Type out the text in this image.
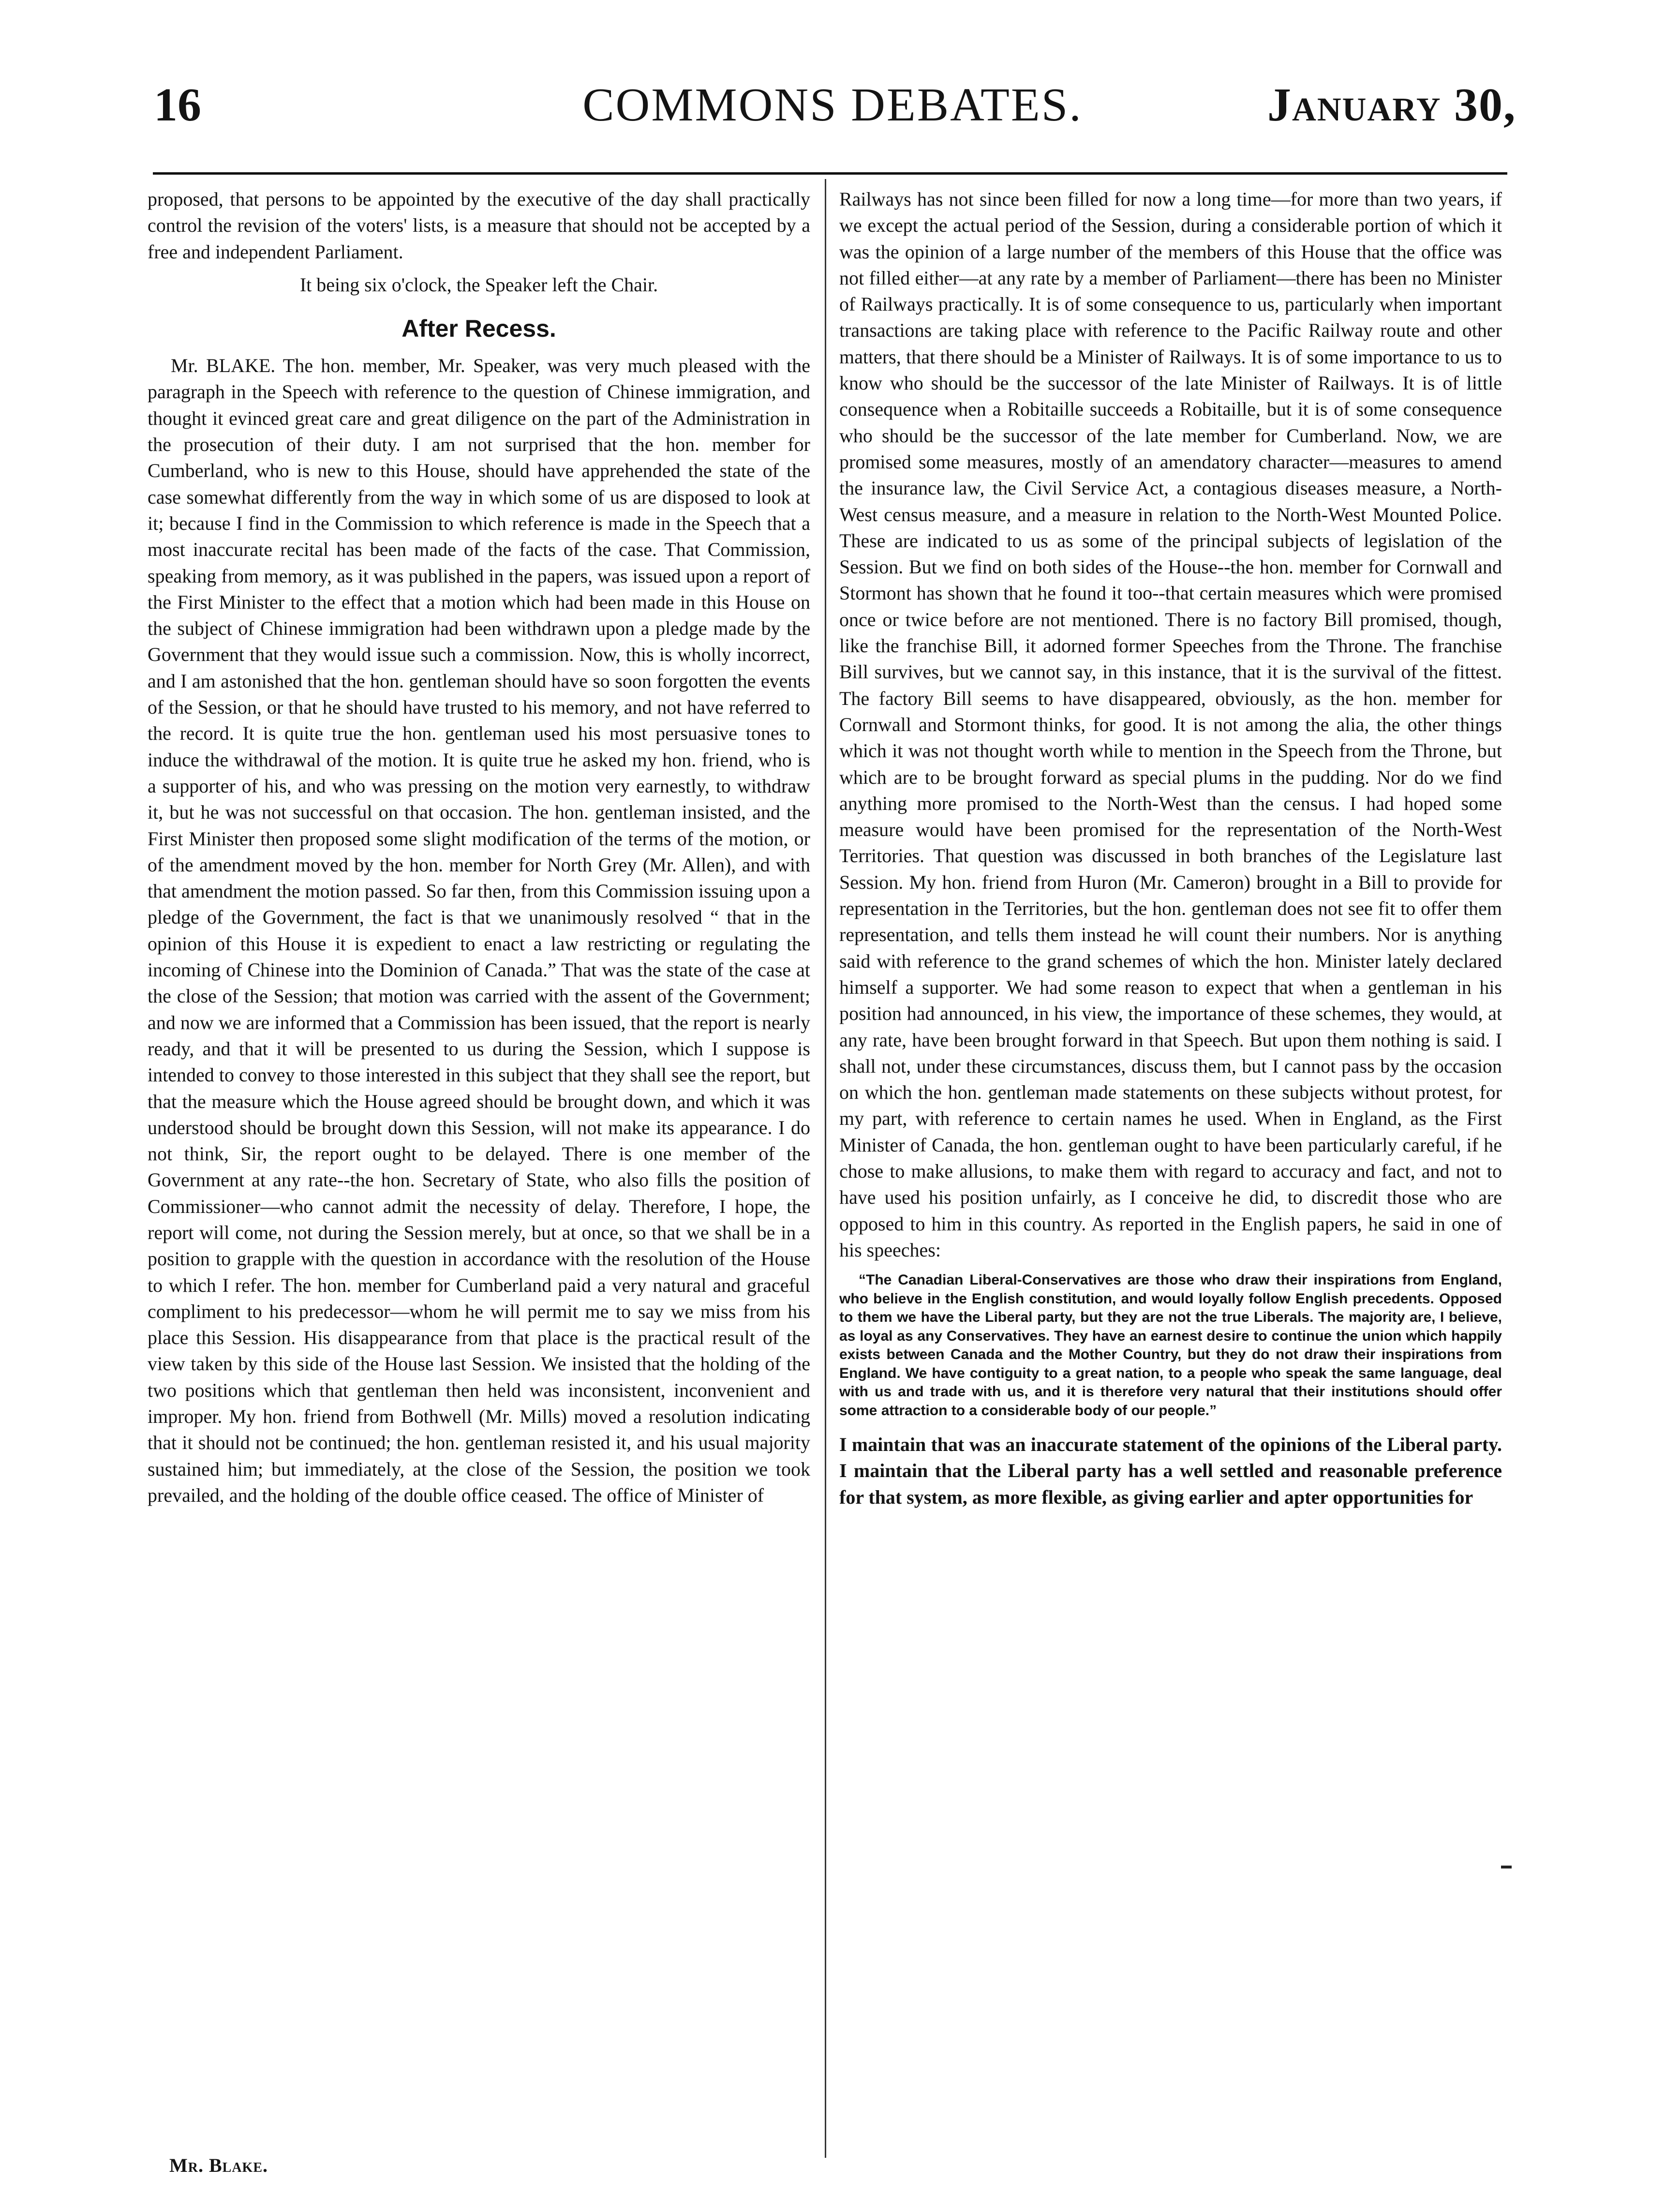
16	COMMONS DEBATES.	January 30,

proposed, that persons to be appointed by the executive of the day shall practically control the revision of the voters' lists, is a measure that should not be accepted by a free and independent Parliament.

It being six o'clock, the Speaker left the Chair.

After Recess.

Mr. BLAKE. The hon. member, Mr. Speaker, was very much pleased with the paragraph in the Speech with reference to the question of Chinese immigration, and thought it evinced great care and great diligence on the part of the Administration in the prosecution of their duty. I am not surprised that the hon. member for Cumberland, who is new to this House, should have apprehended the state of the case somewhat differently from the way in which some of us are disposed to look at it; because I find in the Commission to which reference is made in the Speech that a most inaccurate recital has been made of the facts of the case. That Commission, speaking from memory, as it was published in the papers, was issued upon a report of the First Minister to the effect that a motion which had been made in this House on the subject of Chinese immigration had been withdrawn upon a pledge made by the Government that they would issue such a commission. Now, this is wholly incorrect, and I am astonished that the hon. gentleman should have so soon forgotten the events of the Session, or that he should have trusted to his memory, and not have referred to the record. It is quite true the hon. gentleman used his most persuasive tones to induce the withdrawal of the motion. It is quite true he asked my hon. friend, who is a supporter of his, and who was pressing on the motion very earnestly, to withdraw it, but he was not successful on that occasion. The hon. gentleman insisted, and the First Minister then proposed some slight modification of the terms of the motion, or of the amendment moved by the hon. member for North Grey (Mr. Allen), and with that amendment the motion passed. So far then, from this Commission issuing upon a pledge of the Government, the fact is that we unanimously resolved “ that in the opinion of this House it is expedient to enact a law restricting or regulating the incoming of Chinese into the Dominion of Canada.” That was the state of the case at the close of the Session; that motion was carried with the assent of the Government; and now we are informed that a Commission has been issued, that the report is nearly ready, and that it will be presented to us during the Session, which I suppose is intended to convey to those interested in this subject that they shall see the report, but that the measure which the House agreed should be brought down, and which it was understood should be brought down this Session, will not make its appearance. I do not think, Sir, the report ought to be delayed. There is one member of the Government at any rate--the hon. Secretary of State, who also fills the position of Commissioner—who cannot admit the necessity of delay. Therefore, I hope, the report will come, not during the Session merely, but at once, so that we shall be in a position to grapple with the question in accordance with the resolution of the House to which I refer. The hon. member for Cumberland paid a very natural and graceful compliment to his predecessor—whom he will permit me to say we miss from his place this Session. His disappearance from that place is the practical result of the view taken by this side of the House last Session. We insisted that the holding of the two positions which that gentleman then held was inconsistent, inconvenient and improper. My hon. friend from Bothwell (Mr. Mills) moved a resolution indicating that it should not be continued; the hon. gentleman resisted it, and his usual majority sustained him; but immediately, at the close of the Session, the position we took prevailed, and the holding of the double office ceased. The office of Minister of

Railways has not since been filled for now a long time—for more than two years, if we except the actual period of the Session, during a considerable portion of which it was the opinion of a large number of the members of this House that the office was not filled either—at any rate by a member of Parliament—there has been no Minister of Railways practically. It is of some consequence to us, particularly when important transactions are taking place with reference to the Pacific Railway route and other matters, that there should be a Minister of Railways. It is of some importance to us to know who should be the successor of the late Minister of Railways. It is of little consequence when a Robitaille succeeds a Robitaille, but it is of some consequence who should be the successor of the late member for Cumberland. Now, we are promised some measures, mostly of an amendatory character—measures to amend the insurance law, the Civil Service Act, a contagious diseases measure, a North-West census measure, and a measure in relation to the North-West Mounted Police. These are indicated to us as some of the principal subjects of legislation of the Session. But we find on both sides of the House--the hon. member for Cornwall and Stormont has shown that he found it too--that certain measures which were promised once or twice before are not mentioned. There is no factory Bill promised, though, like the franchise Bill, it adorned former Speeches from the Throne. The franchise Bill survives, but we cannot say, in this instance, that it is the survival of the fittest. The factory Bill seems to have disappeared, obviously, as the hon. member for Cornwall and Stormont thinks, for good. It is not among the alia, the other things which it was not thought worth while to mention in the Speech from the Throne, but which are to be brought forward as special plums in the pudding. Nor do we find anything more promised to the North-West than the census. I had hoped some measure would have been promised for the representation of the North-West Territories. That question was discussed in both branches of the Legislature last Session. My hon. friend from Huron (Mr. Cameron) brought in a Bill to provide for representation in the Territories, but the hon. gentleman does not see fit to offer them representation, and tells them instead he will count their numbers. Nor is anything said with reference to the grand schemes of which the hon. Minister lately declared himself a supporter. We had some reason to expect that when a gentleman in his position had announced, in his view, the importance of these schemes, they would, at any rate, have been brought forward in that Speech. But upon them nothing is said. I shall not, under these circumstances, discuss them, but I cannot pass by the occasion on which the hon. gentleman made statements on these subjects without protest, for my part, with reference to certain names he used. When in England, as the First Minister of Canada, the hon. gentleman ought to have been particularly careful, if he chose to make allusions, to make them with regard to accuracy and fact, and not to have used his position unfairly, as I conceive he did, to discredit those who are opposed to him in this country. As reported in the English papers, he said in one of his speeches:

“The Canadian Liberal-Conservatives are those who draw their inspirations from England, who believe in the English constitution, and would loyally follow English precedents. Opposed to them we have the Liberal party, but they are not the true Liberals. The majority are, I believe, as loyal as any Conservatives. They have an earnest desire to continue the union which happily exists between Canada and the Mother Country, but they do not draw their inspirations from England. We have contiguity to a great nation, to a people who speak the same language, deal with us and trade with us, and it is therefore very natural that their institutions should offer some attraction to a considerable body of our people.”

I maintain that was an inaccurate statement of the opinions of the Liberal party. I maintain that the Liberal party has a well settled and reasonable preference for that system, as more flexible, as giving earlier and apter opportunities for

Mr. Blake.
